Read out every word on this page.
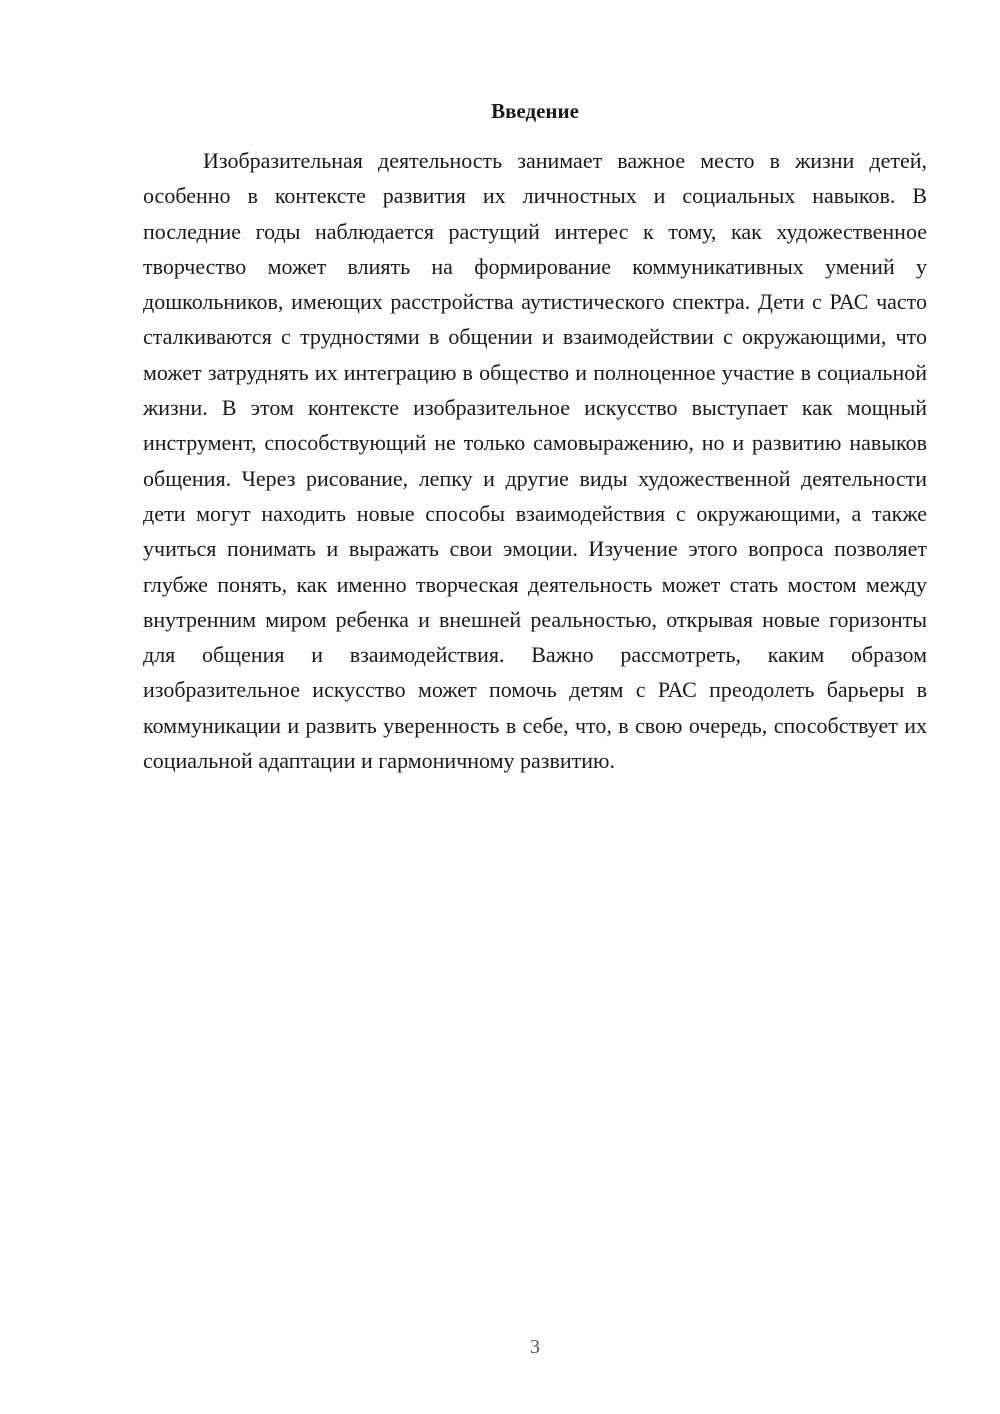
Введение

Изобразительная деятельность занимает важное место в жизни детей, особенно в контексте развития их личностных и социальных навыков. В последние годы наблюдается растущий интерес к тому, как художественное творчество может влиять на формирование коммуникативных умений у дошкольников, имеющих расстройства аутистического спектра. Дети с РАС часто сталкиваются с трудностями в общении и взаимодействии с окружающими, что может затруднять их интеграцию в общество и полноценное участие в социальной жизни. В этом контексте изобразительное искусство выступает как мощный инструмент, способствующий не только самовыражению, но и развитию навыков общения. Через рисование, лепку и другие виды художественной деятельности дети могут находить новые способы взаимодействия с окружающими, а также учиться понимать и выражать свои эмоции. Изучение этого вопроса позволяет глубже понять, как именно творческая деятельность может стать мостом между внутренним миром ребенка и внешней реальностью, открывая новые горизонты для общения и взаимодействия. Важно рассмотреть, каким образом изобразительное искусство может помочь детям с РАС преодолеть барьеры в коммуникации и развить уверенность в себе, что, в свою очередь, способствует их социальной адаптации и гармоничному развитию.

3
